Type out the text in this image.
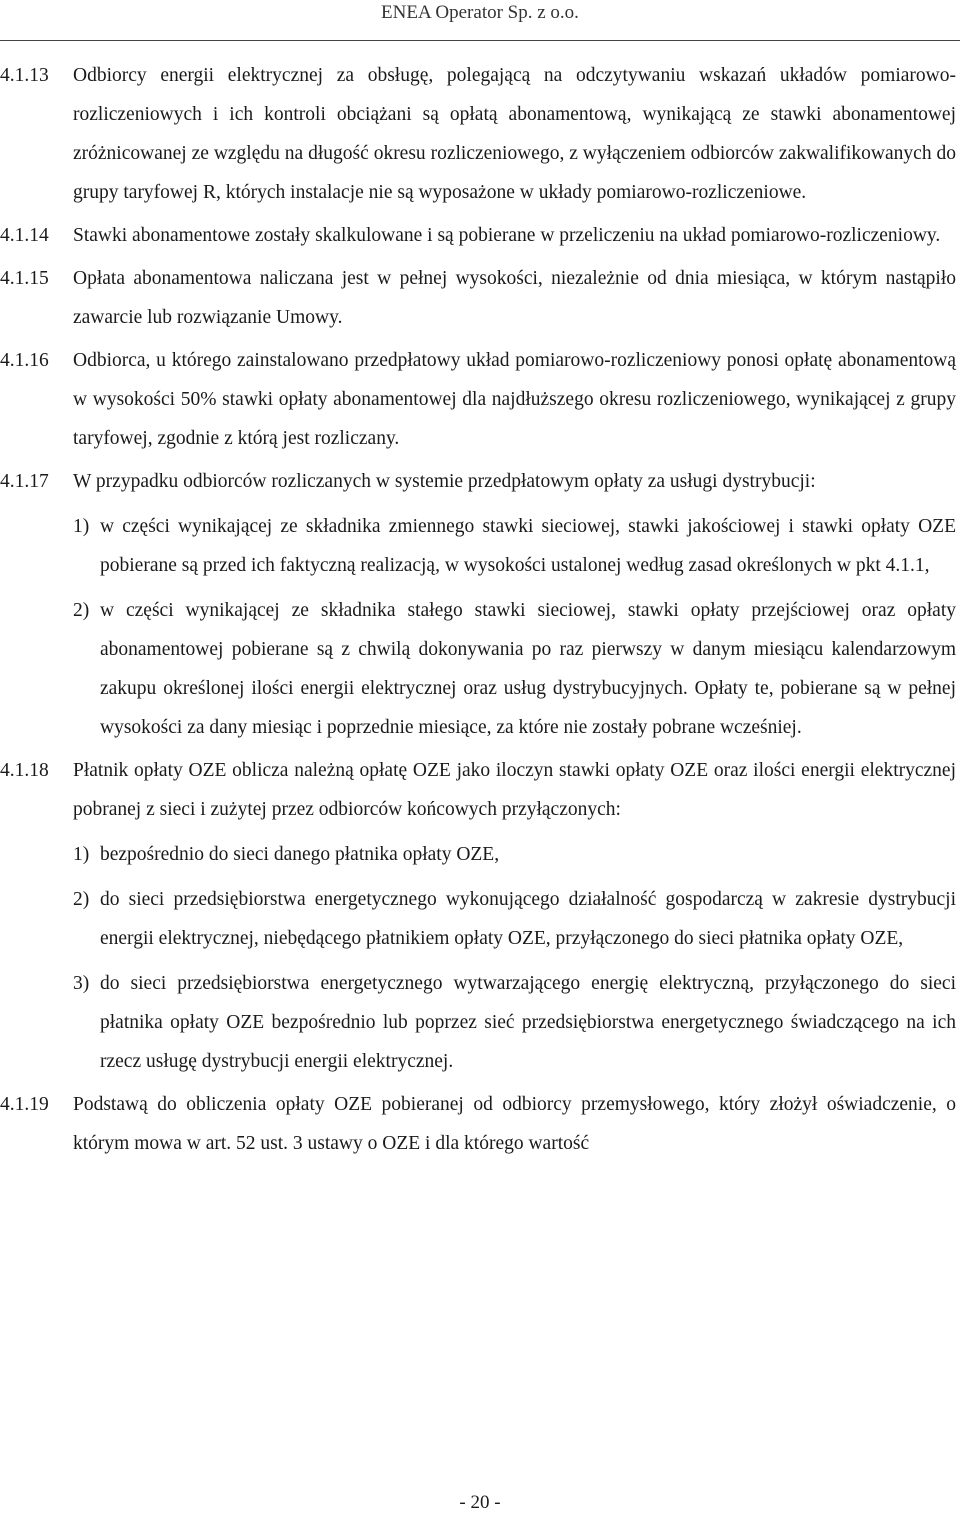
ENEA Operator Sp. z o.o.
4.1.13	Odbiorcy energii elektrycznej za obsługę, polegającą na odczytywaniu wskazań układów pomiarowo-rozliczeniowych i ich kontroli obciążani są opłatą abonamentową, wynikającą ze stawki abonamentowej zróżnicowanej ze względu na długość okresu rozliczeniowego, z wyłączeniem odbiorców zakwalifikowanych do grupy taryfowej R, których instalacje nie są wyposażone w układy pomiarowo-rozliczeniowe.
4.1.14	Stawki abonamentowe zostały skalkulowane i są pobierane w przeliczeniu na układ pomiarowo-rozliczeniowy.
4.1.15	Opłata abonamentowa naliczana jest w pełnej wysokości, niezależnie od dnia miesiąca, w którym nastąpiło zawarcie lub rozwiązanie Umowy.
4.1.16	Odbiorca, u którego zainstalowano przedpłatowy układ pomiarowo-rozliczeniowy ponosi opłatę abonamentową w wysokości 50% stawki opłaty abonamentowej dla najdłuższego okresu rozliczeniowego, wynikającej z grupy taryfowej, zgodnie z którą jest rozliczany.
4.1.17	W przypadku odbiorców rozliczanych w systemie przedpłatowym opłaty za usługi dystrybucji:
1) w części wynikającej ze składnika zmiennego stawki sieciowej, stawki jakościowej i stawki opłaty OZE pobierane są przed ich faktyczną realizacją, w wysokości ustalonej według zasad określonych w pkt 4.1.1,
2) w części wynikającej ze składnika stałego stawki sieciowej, stawki opłaty przejściowej oraz opłaty abonamentowej pobierane są z chwilą dokonywania po raz pierwszy w danym miesiącu kalendarzowym zakupu określonej ilości energii elektrycznej oraz usług dystrybucyjnych. Opłaty te, pobierane są w pełnej wysokości za dany miesiąc i poprzednie miesiące, za które nie zostały pobrane wcześniej.
4.1.18	Płatnik opłaty OZE oblicza należną opłatę OZE jako iloczyn stawki opłaty OZE oraz ilości energii elektrycznej pobranej z sieci i zużytej przez odbiorców końcowych przyłączonych:
1) bezpośrednio do sieci danego płatnika opłaty OZE,
2) do sieci przedsiębiorstwa energetycznego wykonującego działalność gospodarczą w zakresie dystrybucji energii elektrycznej, niebędącego płatnikiem opłaty OZE, przyłączonego do sieci płatnika opłaty OZE,
3) do sieci przedsiębiorstwa energetycznego wytwarzającego energię elektryczną, przyłączonego do sieci płatnika opłaty OZE bezpośrednio lub poprzez sieć przedsiębiorstwa energetycznego świadczącego na ich rzecz usługę dystrybucji energii elektrycznej.
4.1.19	Podstawą do obliczenia opłaty OZE pobieranej od odbiorcy przemysłowego, który złożył oświadczenie, o którym mowa w art. 52 ust. 3 ustawy o OZE i dla którego wartość
- 20 -
